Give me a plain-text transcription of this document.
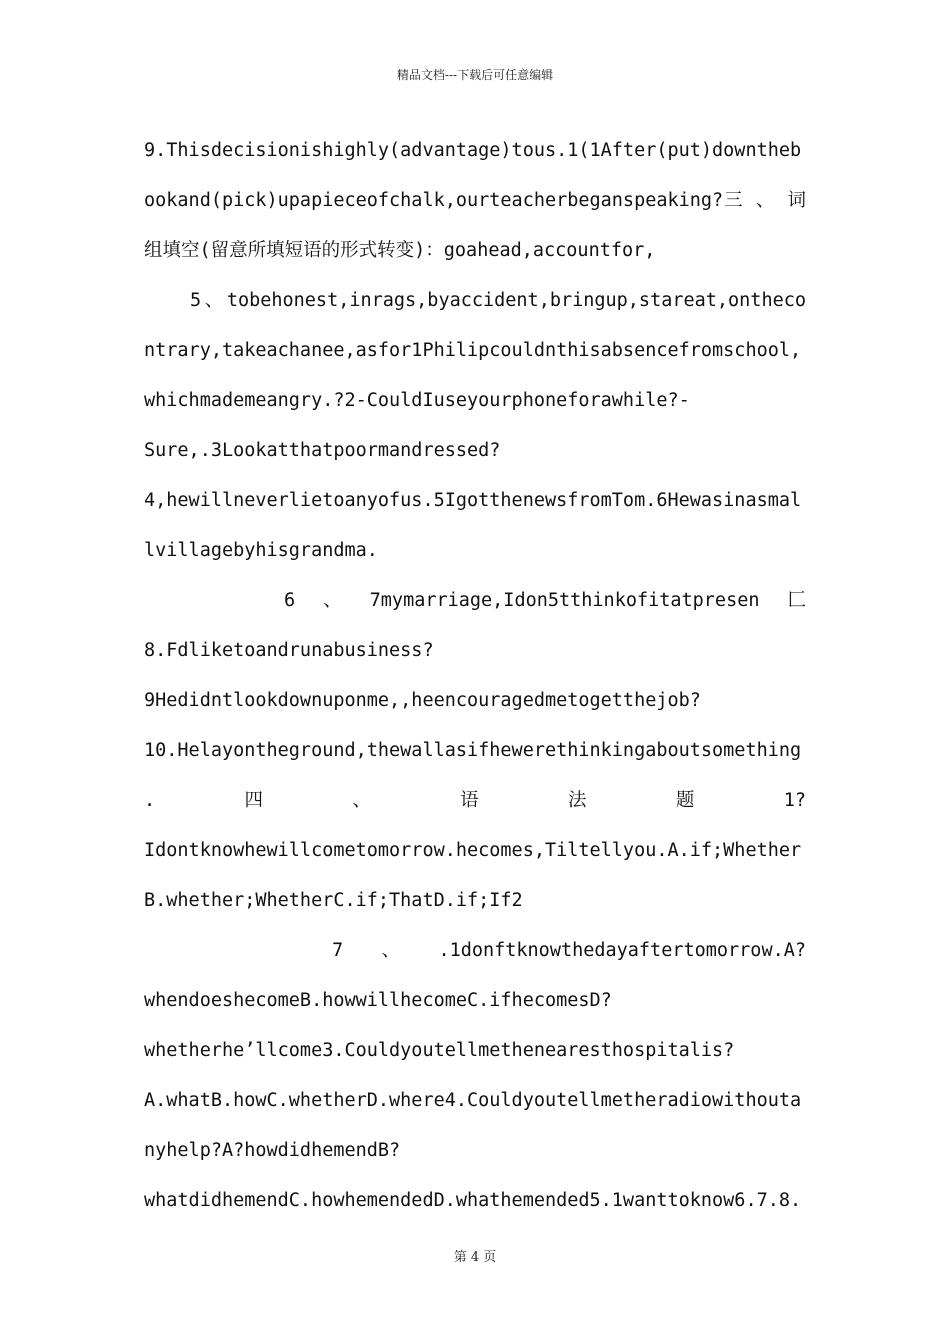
精品文档---下载后可任意编辑
9.Thisdecisionishighly(advantage)tous.1(1After(put)downtheb
ookand(pick)upapieceofchalk,ourteacherbeganspeaking?三 、 词
组填空(留意所填短语的形式转变)：goahead,accountfor,
5、tobehonest,inrags,byaccident,bringup,stareat,ontheco
ntrary,takeachanee,asfor1Philipcouldnthisabsencefromschool,
whichmademeangry.?2-CouldIuseyourphoneforawhile?-
Sure,.3Lookatthatpoormandressed?
4,hewillneverlietoanyofus.5IgotthenewsfromTom.6Hewasinasmal
lvillagebyhisgrandma.
6 、 7mymarriage,Idon5tthinkofitatpresen 匚
8.Fdliketoandrunabusiness?
9Hedidntlookdownuponme,,heencouragedmetogetthejob?
10.Helayontheground,thewallasifhewerethinkingaboutsomething
.	四	、	语	法	题	1?
Idontknowhewillcometomorrow.hecomes,Tiltellyou.A.if;Whether
B.whether;WhetherC.if;ThatD.if;If2
7 、 .1donftknowthedayaftertomorrow.A?
whendoeshecomeB.howwillhecomeC.ifhecomesD?
whetherhe’llcome3.Couldyoutellmethenearesthospitalis?
A.whatB.howC.whetherD.where4.Couldyoutellmetheradiowithouta
nyhelp?A?howdidhemendB?
whatdidhemendC.howhemendedD.whathemended5.1wanttoknow6.7.8.
第 4 页
